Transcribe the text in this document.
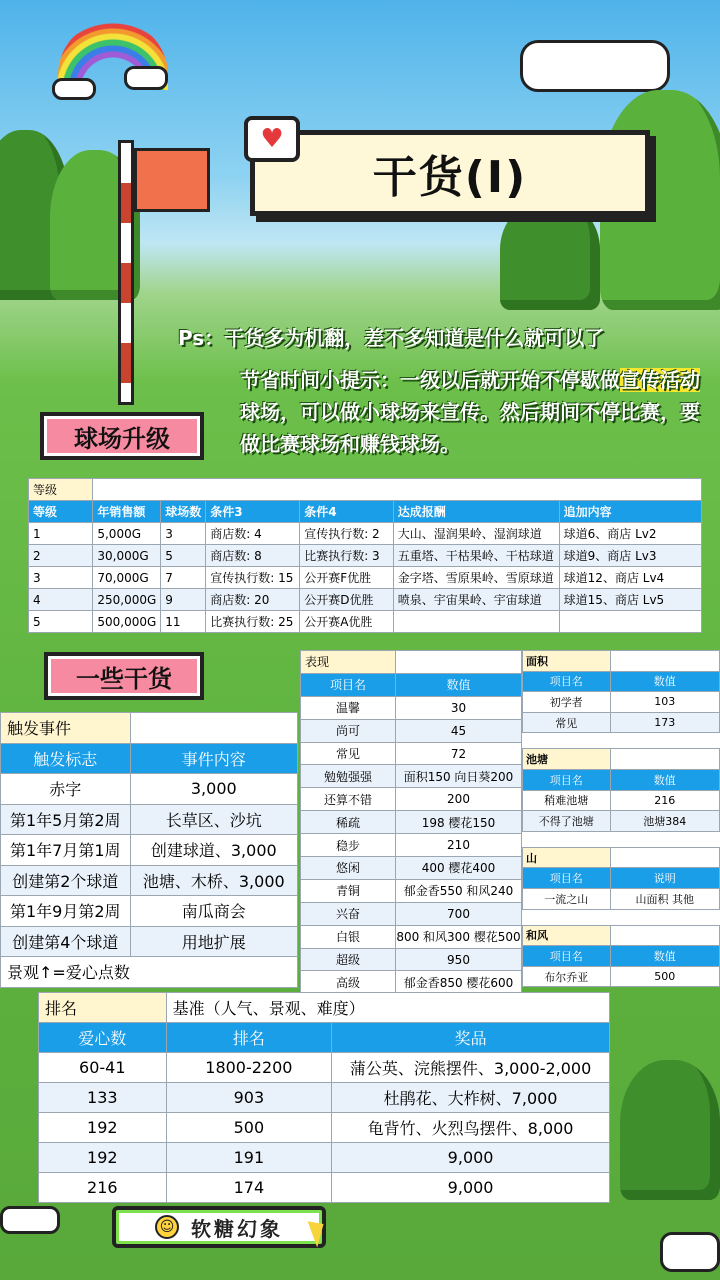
干货(I)
♥
Ps：干货多为机翻，差不多知道是什么就可以了
节省时间小提示：一级以后就开始不停歇做宣传活动球场，可以做小球场来宣传。然后期间不停比赛，要做比赛球场和赚钱球场。
球场升级
一些干货
等级						
等级	年销售额	球场数	条件3	条件4	达成报酬	追加内容
1	5,000G	3	商店数: 4	宣传执行数: 2	大山、湿润果岭、湿润球道	球道6、商店 Lv2
2	30,000G	5	商店数: 8	比赛执行数: 3	五重塔、干枯果岭、干枯球道	球道9、商店 Lv3
3	70,000G	7	宣传执行数: 15	公开赛F优胜	金字塔、雪原果岭、雪原球道	球道12、商店 Lv4
4	250,000G	9	商店数: 20	公开赛D优胜	喷泉、宇宙果岭、宇宙球道	球道15、商店 Lv5
5	500,000G	11	比赛执行数: 25	公开赛A优胜		
表现	
项目名	数值
温馨	30
尚可	45
常见	72
勉勉强强	面积150 向日葵200
还算不错	200
稀疏	198 樱花150
稳步	210
悠闲	400 樱花400
青铜	郁金香550 和风240
兴奋	700
白银	800 和风300 樱花500
超级	950
高级	郁金香850 樱花600
面积	
项目名	数值
初学者	103
常见	173

池塘	
项目名	数值
稍难池塘	216
不得了池塘	池塘384

山	
项目名	说明
一流之山	山面积 其他

和风	
项目名	数值
布尔乔亚	500
触发事件	
触发标志	事件内容
赤字	3,000
第1年5月第2周	长草区、沙坑
第1年7月第1周	创建球道、3,000
创建第2个球道	池塘、木桥、3,000
第1年9月第2周	南瓜商会
创建第4个球道	用地扩展
景观↑=爱心点数	
排名	基准（人气、景观、难度）	
爱心数	排名	奖品
60-41	1800-2200	蒲公英、浣熊摆件、3,000-2,000
133	903	杜鹃花、大柞树、7,000
192	500	龟背竹、火烈鸟摆件、8,000
192	191	9,000
216	174	9,000
☺ 软糖幻象
